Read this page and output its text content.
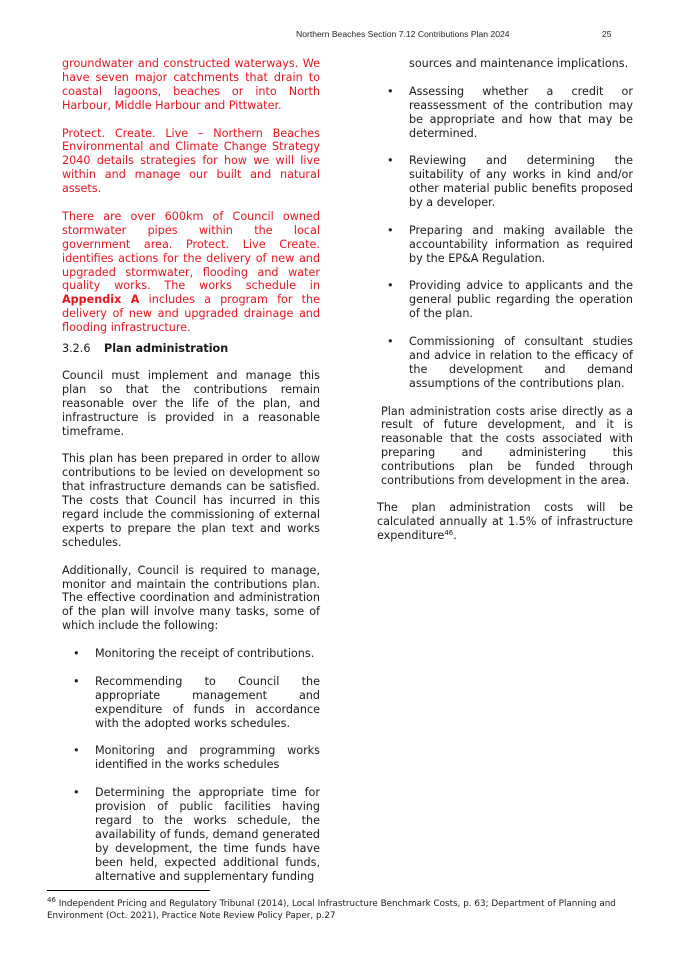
Northern Beaches Section 7.12 Contributions Plan 2024	25

groundwater and constructed waterways. We have seven major catchments that drain to coastal lagoons, beaches or into North Harbour, Middle Harbour and Pittwater.

Protect. Create. Live – Northern Beaches Environmental and Climate Change Strategy 2040 details strategies for how we will live within and manage our built and natural assets.

There are over 600km of Council owned stormwater pipes within the local government area. Protect. Live Create. identifies actions for the delivery of new and upgraded stormwater, flooding and water quality works. The works schedule in Appendix A includes a program for the delivery of new and upgraded drainage and flooding infrastructure.

3.2.6	Plan administration

Council must implement and manage this plan so that the contributions remain reasonable over the life of the plan, and infrastructure is provided in a reasonable timeframe.

This plan has been prepared in order to allow contributions to be levied on development so that infrastructure demands can be satisfied. The costs that Council has incurred in this regard include the commissioning of external experts to prepare the plan text and works schedules.

Additionally, Council is required to manage, monitor and maintain the contributions plan. The effective coordination and administration of the plan will involve many tasks, some of which include the following:

•	Monitoring the receipt of contributions.
•	Recommending to Council the appropriate management and expenditure of funds in accordance with the adopted works schedules.
•	Monitoring and programming works identified in the works schedules
•	Determining the appropriate time for provision of public facilities having regard to the works schedule, the availability of funds, demand generated by development, the time funds have been held, expected additional funds, alternative and supplementary funding

sources and maintenance implications.

•	Assessing whether a credit or reassessment of the contribution may be appropriate and how that may be determined.
•	Reviewing and determining the suitability of any works in kind and/or other material public benefits proposed by a developer.
•	Preparing and making available the accountability information as required by the EP&A Regulation.
•	Providing advice to applicants and the general public regarding the operation of the plan.
•	Commissioning of consultant studies and advice in relation to the efficacy of the development and demand assumptions of the contributions plan.

Plan administration costs arise directly as a result of future development, and it is reasonable that the costs associated with preparing and administering this contributions plan be funded through contributions from development in the area.

The plan administration costs will be calculated annually at 1.5% of infrastructure expenditure$^{46}$.

$^{46}$ Independent Pricing and Regulatory Tribunal (2014), Local Infrastructure Benchmark Costs, p. 63; Department of Planning and Environment (Oct. 2021), Practice Note Review Policy Paper, p.27
